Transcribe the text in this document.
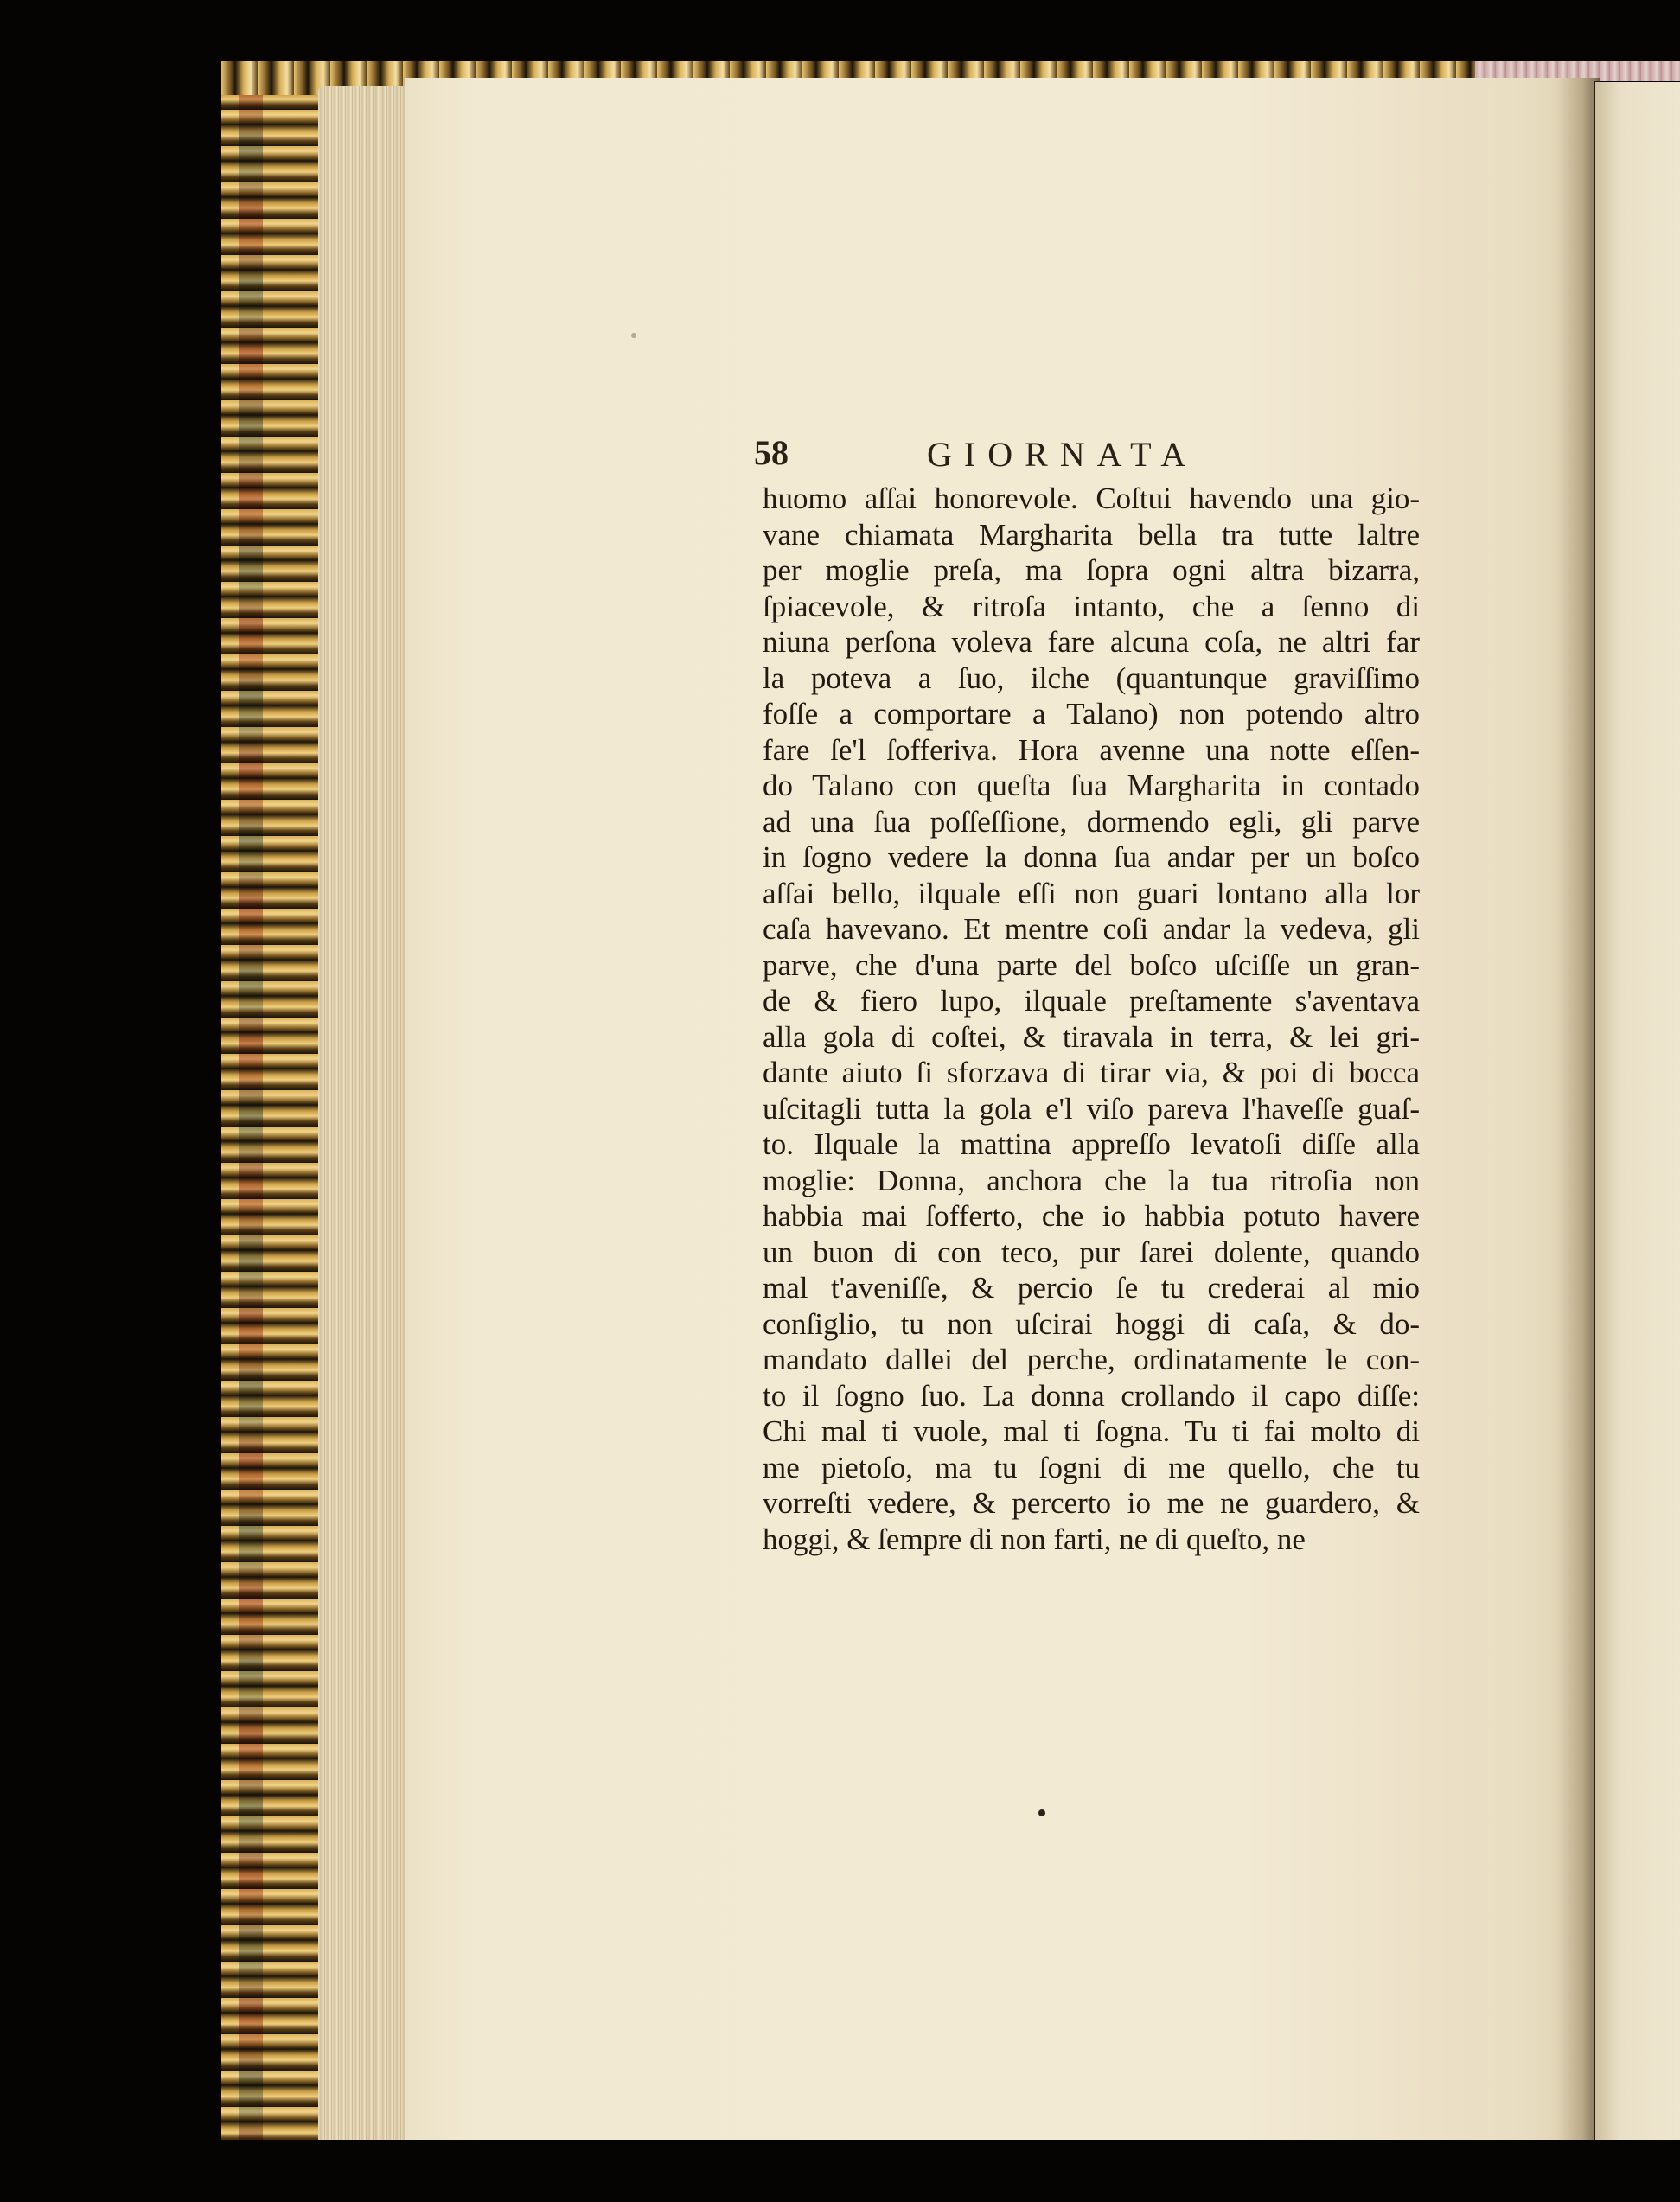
58	GIORNATA
huomo aſſai honorevole. Coſtui havendo una gio-
vane chiamata Margharita bella tra tutte laltre
per moglie preſa, ma ſopra ogni altra bizarra,
ſpiacevole, & ritroſa intanto, che a ſenno di
niuna perſona voleva fare alcuna coſa, ne altri far
la poteva a ſuo, ilche (quantunque graviſſimo
foſſe a comportare a Talano) non potendo altro
fare ſe'l ſofferiva. Hora avenne una notte eſſen-
do Talano con queſta ſua Margharita in contado
ad una ſua poſſeſſione, dormendo egli, gli parve
in ſogno vedere la donna ſua andar per un boſco
aſſai bello, ilquale eſſi non guari lontano alla lor
caſa havevano. Et mentre coſi andar la vedeva, gli
parve, che d'una parte del boſco uſciſſe un gran-
de & fiero lupo, ilquale preſtamente s'aventava
alla gola di coſtei, & tiravala in terra, & lei gri-
dante aiuto ſi sforzava di tirar via, & poi di bocca
uſcitagli tutta la gola e'l viſo pareva l'haveſſe guaſ-
to. Ilquale la mattina appreſſo levatoſi diſſe alla
moglie: Donna, anchora che la tua ritroſia non
habbia mai ſofferto, che io habbia potuto havere
un buon di con teco, pur ſarei dolente, quando
mal t'aveniſſe, & percio ſe tu crederai al mio
conſiglio, tu non uſcirai hoggi di caſa, & do-
mandato dallei del perche, ordinatamente le con-
to il ſogno ſuo. La donna crollando il capo diſſe:
Chi mal ti vuole, mal ti ſogna. Tu ti fai molto di
me pietoſo, ma tu ſogni di me quello, che tu
vorreſti vedere, & percerto io me ne guardero, &
hoggi, & ſempre di non farti, ne di queſto, ne
